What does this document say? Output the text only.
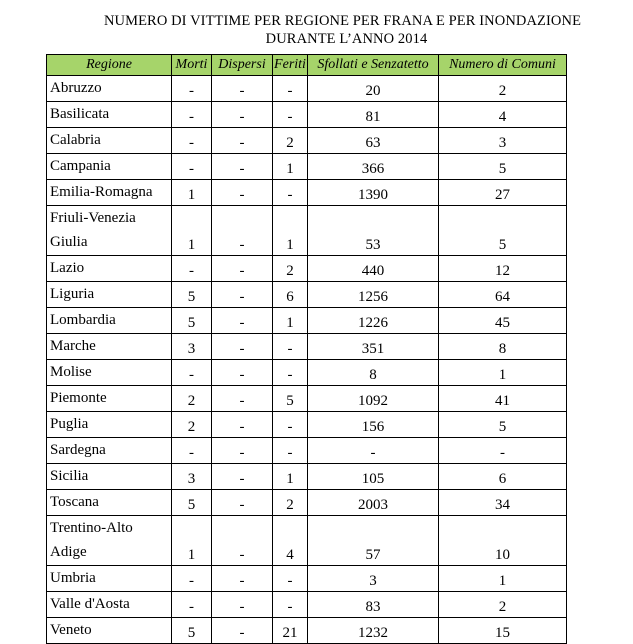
NUMERO DI VITTIME PER REGIONE PER FRANA E PER INONDAZIONE
DURANTE L’ANNO 2014
Regione	Morti	Dispersi	Feriti	Sfollati e Senzatetto	Numero di Comuni
Abruzzo	-	-	-	20	2
Basilicata	-	-	-	81	4
Calabria	-	-	2	63	3
Campania	-	-	1	366	5
Emilia-Romagna	1	-	-	1390	27
Friuli-Venezia Giulia	1	-	1	53	5
Lazio	-	-	2	440	12
Liguria	5	-	6	1256	64
Lombardia	5	-	1	1226	45
Marche	3	-	-	351	8
Molise	-	-	-	8	1
Piemonte	2	-	5	1092	41
Puglia	2	-	-	156	5
Sardegna	-	-	-	-	-
Sicilia	3	-	1	105	6
Toscana	5	-	2	2003	34
Trentino-Alto Adige	1	-	4	57	10
Umbria	-	-	-	3	1
Valle d'Aosta	-	-	-	83	2
Veneto	5	-	21	1232	15
